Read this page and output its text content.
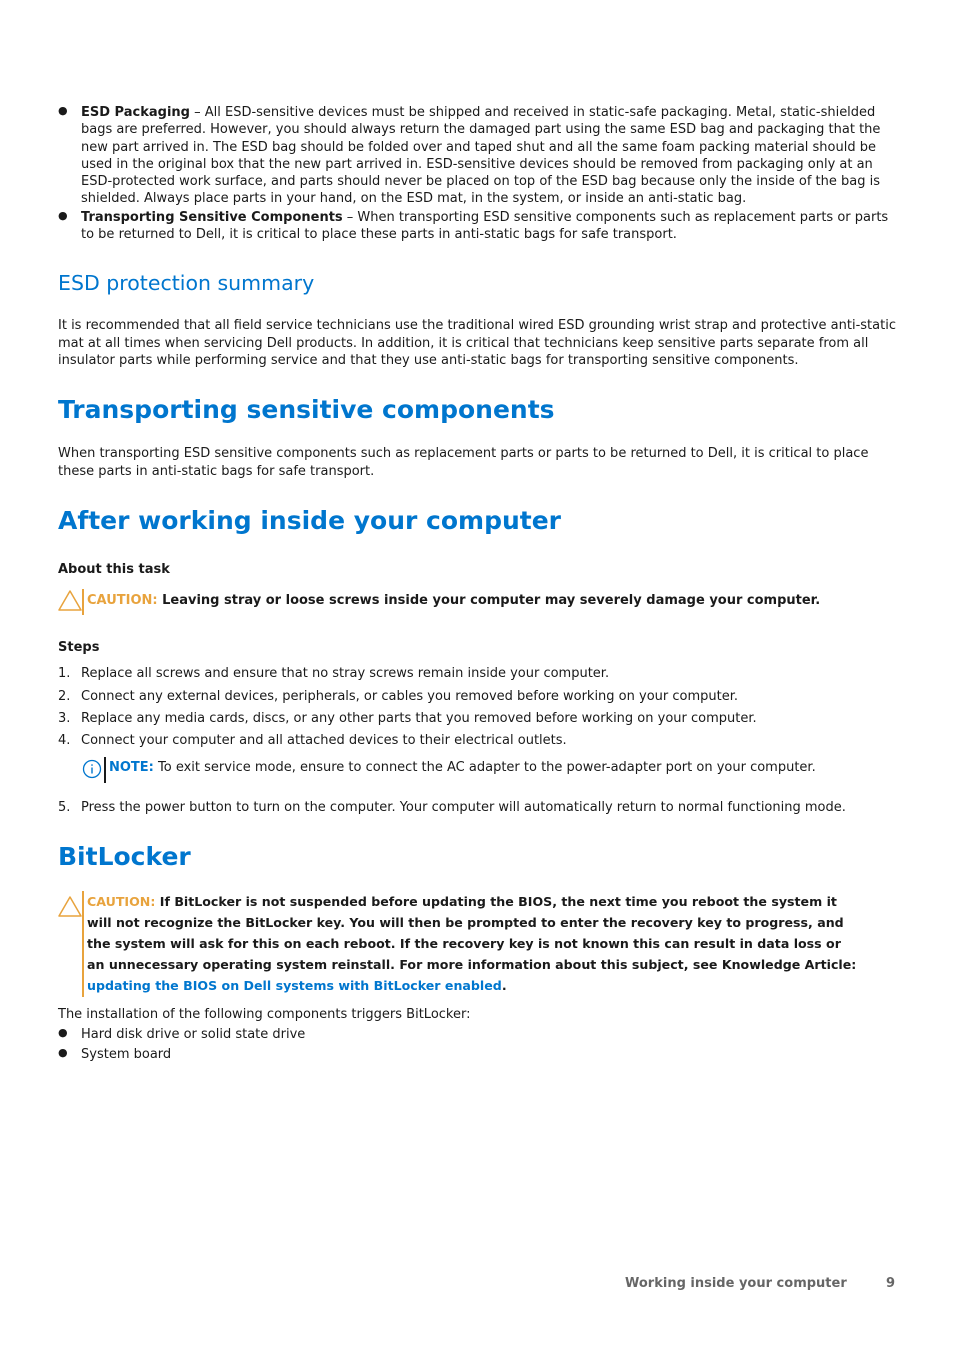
● ESD Packaging – All ESD-sensitive devices must be shipped and received in static-safe packaging. Metal, static-shielded bags are preferred. However, you should always return the damaged part using the same ESD bag and packaging that the new part arrived in. The ESD bag should be folded over and taped shut and all the same foam packing material should be used in the original box that the new part arrived in. ESD-sensitive devices should be removed from packaging only at an ESD-protected work surface, and parts should never be placed on top of the ESD bag because only the inside of the bag is shielded. Always place parts in your hand, on the ESD mat, in the system, or inside an anti-static bag.
● Transporting Sensitive Components – When transporting ESD sensitive components such as replacement parts or parts to be returned to Dell, it is critical to place these parts in anti-static bags for safe transport.
ESD protection summary
It is recommended that all field service technicians use the traditional wired ESD grounding wrist strap and protective anti-static mat at all times when servicing Dell products. In addition, it is critical that technicians keep sensitive parts separate from all insulator parts while performing service and that they use anti-static bags for transporting sensitive components.
Transporting sensitive components
When transporting ESD sensitive components such as replacement parts or parts to be returned to Dell, it is critical to place these parts in anti-static bags for safe transport.
After working inside your computer
About this task
CAUTION: Leaving stray or loose screws inside your computer may severely damage your computer.
Steps
1. Replace all screws and ensure that no stray screws remain inside your computer.
2. Connect any external devices, peripherals, or cables you removed before working on your computer.
3. Replace any media cards, discs, or any other parts that you removed before working on your computer.
4. Connect your computer and all attached devices to their electrical outlets.
NOTE: To exit service mode, ensure to connect the AC adapter to the power-adapter port on your computer.
5. Press the power button to turn on the computer. Your computer will automatically return to normal functioning mode.
BitLocker
CAUTION: If BitLocker is not suspended before updating the BIOS, the next time you reboot the system it
will not recognize the BitLocker key. You will then be prompted to enter the recovery key to progress, and
the system will ask for this on each reboot. If the recovery key is not known this can result in data loss or
an unnecessary operating system reinstall. For more information about this subject, see Knowledge Article:
updating the BIOS on Dell systems with BitLocker enabled.
The installation of the following components triggers BitLocker:
● Hard disk drive or solid state drive
● System board
Working inside your computer	9
